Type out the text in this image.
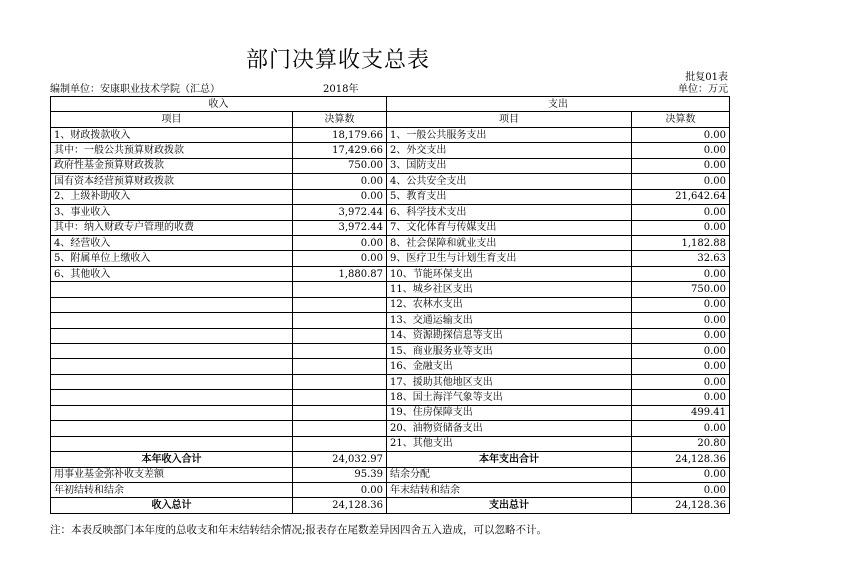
部门决算收支总表
编制单位：安康职业技术学院（汇总）	2018年
批复01表
单位：万元
收入		支出	
项目	决算数	项目	决算数
1、财政拨款收入	18,179.66	1、一般公共服务支出	0.00
其中：一般公共预算财政拨款	17,429.66	2、外交支出	0.00
政府性基金预算财政拨款	750.00	3、国防支出	0.00
国有资本经营预算财政拨款	0.00	4、公共安全支出	0.00
2、上级补助收入	0.00	5、教育支出	21,642.64
3、事业收入	3,972.44	6、科学技术支出	0.00
其中：纳入财政专户管理的收费	3,972.44	7、文化体育与传媒支出	0.00
4、经营收入	0.00	8、社会保障和就业支出	1,182.88
5、附属单位上缴收入	0.00	9、医疗卫生与计划生育支出	32.63
6、其他收入	1,880.87	10、节能环保支出	0.00
		11、城乡社区支出	750.00
		12、农林水支出	0.00
		13、交通运输支出	0.00
		14、资源勘探信息等支出	0.00
		15、商业服务业等支出	0.00
		16、金融支出	0.00
		17、援助其他地区支出	0.00
		18、国土海洋气象等支出	0.00
		19、住房保障支出	499.41
		20、油物资储备支出	0.00
		21、其他支出	20.80
本年收入合计	24,032.97	本年支出合计	24,128.36
用事业基金弥补收支差额	95.39	结余分配	0.00
年初结转和结余	0.00	年末结转和结余	0.00
收入总计	24,128.36	支出总计	24,128.36
注：本表反映部门本年度的总收支和年末结转结余情况;报表存在尾数差异因四舍五入造成，可以忽略不计。
